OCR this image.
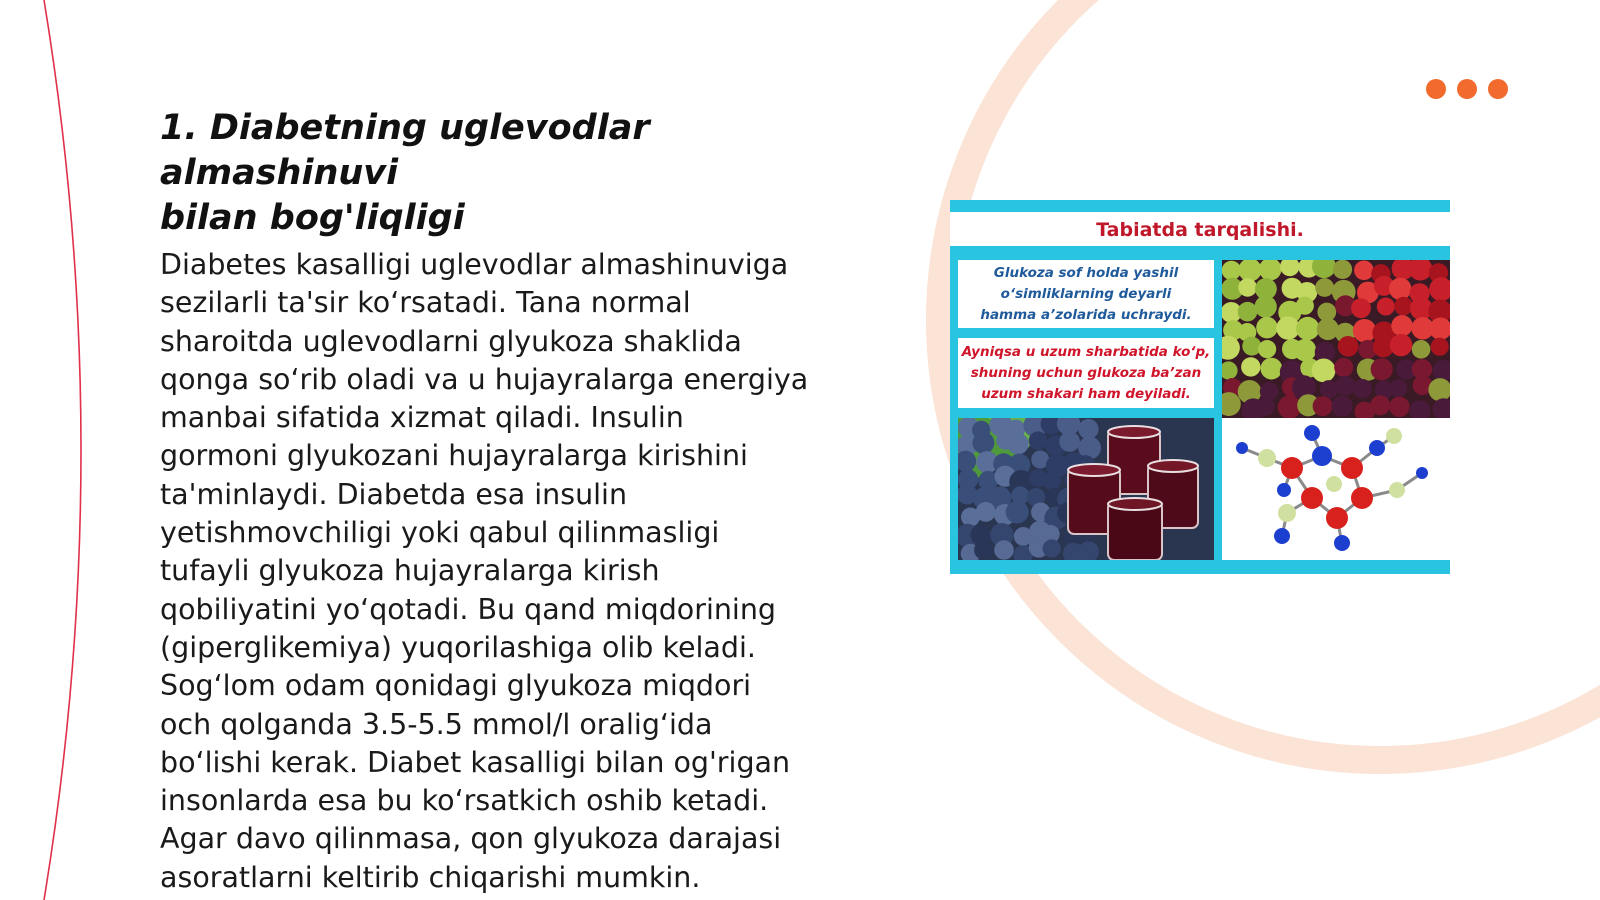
1. Diabetning uglevodlar almashinuvi
bilan bog'liqligi
Diabetes kasalligi uglevodlar almashinuviga
sezilarli ta'sir ko‘rsatadi. Tana normal
sharoitda uglevodlarni glyukoza shaklida
qonga so‘rib oladi va u hujayralarga energiya
manbai sifatida xizmat qiladi. Insulin
gormoni glyukozani hujayralarga kirishini
ta'minlaydi. Diabetda esa insulin
yetishmovchiligi yoki qabul qilinmasligi
tufayli glyukoza hujayralarga kirish
qobiliyatini yo‘qotadi. Bu qand miqdorining
(giperglikemiya) yuqorilashiga olib keladi.
Sog‘lom odam qonidagi glyukoza miqdori
och qolganda 3.5-5.5 mmol/l oralig‘ida
bo‘lishi kerak. Diabet kasalligi bilan og'rigan
insonlarda esa bu ko‘rsatkich oshib ketadi.
Agar davo qilinmasa, qon glyukoza darajasi
asoratlarni keltirib chiqarishi mumkin.
Tabiatda tarqalishi.
Glukoza sof holda yashil
o‘simliklarning deyarli
hamma a’zolarida uchraydi.
Ayniqsa u uzum sharbatida ko‘p,
shuning uchun glukoza ba’zan
uzum shakari ham deyiladi.
